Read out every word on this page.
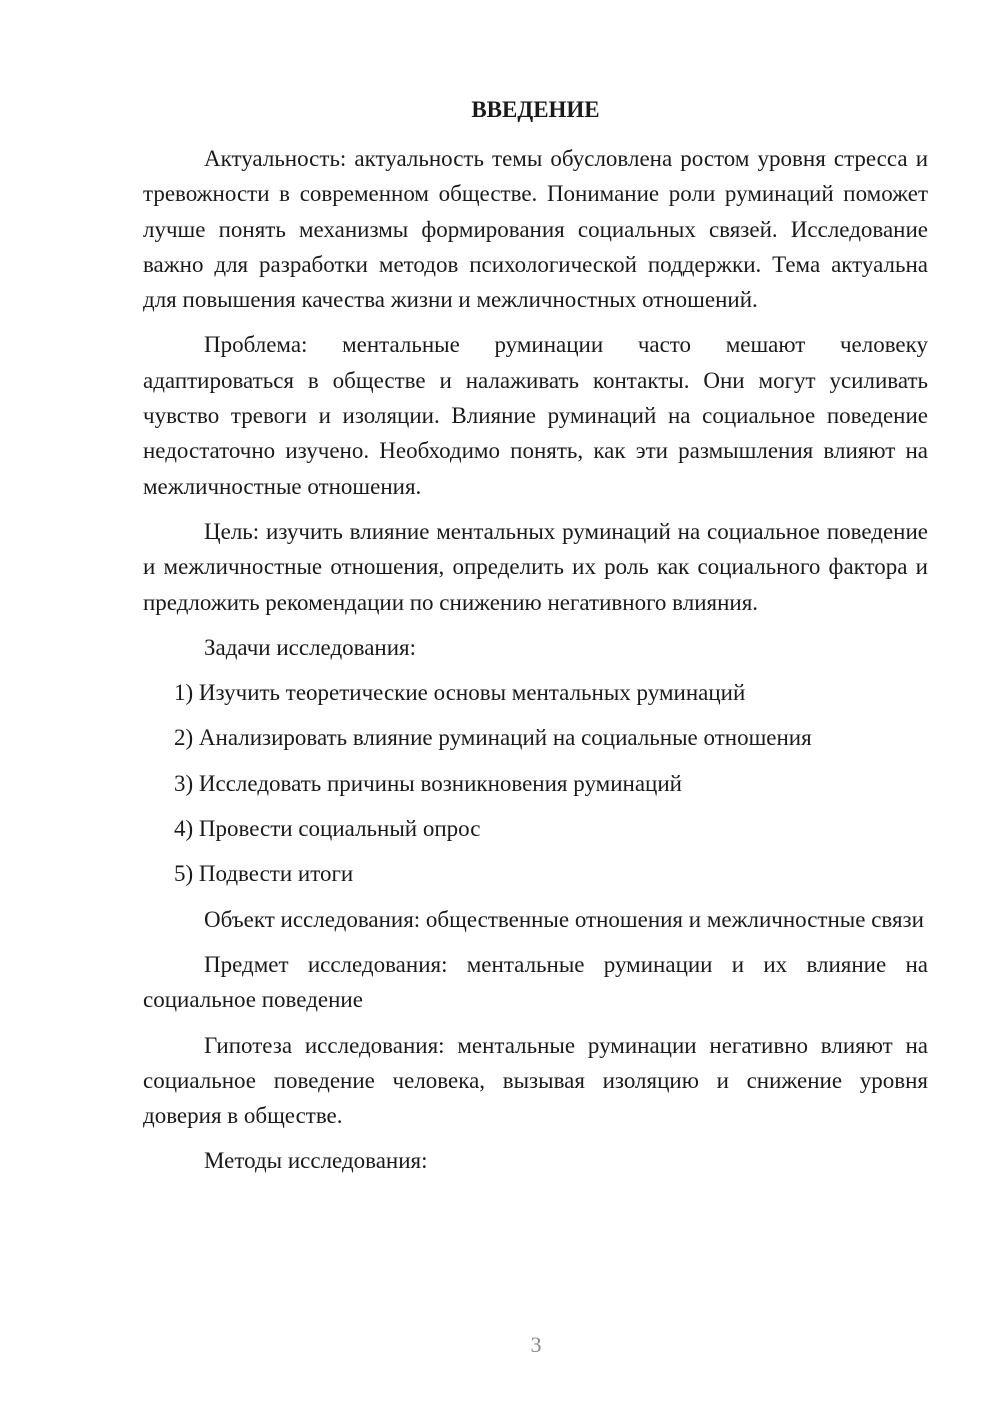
ВВЕДЕНИЕ

Актуальность: актуальность темы обусловлена ростом уровня стресса и тревожности в современном обществе. Понимание роли руминаций поможет лучше понять механизмы формирования социальных связей. Исследование важно для разработки методов психологической поддержки. Тема актуальна для повышения качества жизни и межличностных отношений.

Проблема: ментальные руминации часто мешают человеку адаптироваться в обществе и налаживать контакты. Они могут усиливать чувство тревоги и изоляции. Влияние руминаций на социальное поведение недостаточно изучено. Необходимо понять, как эти размышления влияют на межличностные отношения.

Цель: изучить влияние ментальных руминаций на социальное поведение и межличностные отношения, определить их роль как социального фактора и предложить рекомендации по снижению негативного влияния.

Задачи исследования:

1) Изучить теоретические основы ментальных руминаций
2) Анализировать влияние руминаций на социальные отношения
3) Исследовать причины возникновения руминаций
4) Провести социальный опрос
5) Подвести итоги

Объект исследования: общественные отношения и межличностные связи

Предмет исследования: ментальные руминации и их влияние на социальное поведение

Гипотеза исследования: ментальные руминации негативно влияют на социальное поведение человека, вызывая изоляцию и снижение уровня доверия в обществе.

Методы исследования:

3
